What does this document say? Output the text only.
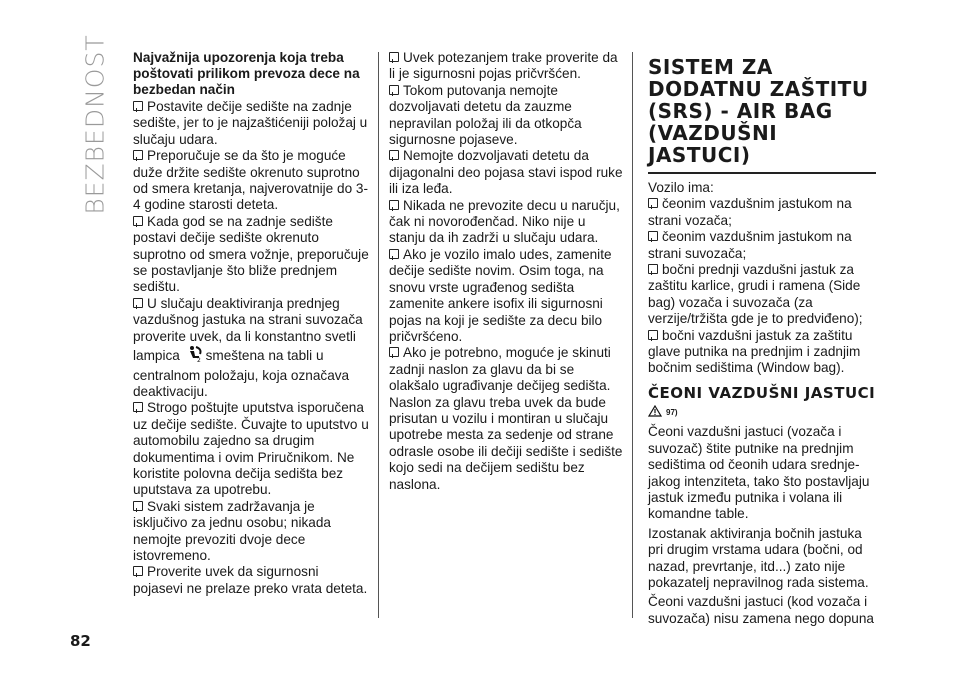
BEZBEDNOST Najvažnija upozorenja koja treba poštovati prilikom prevoza dece na bezbedan način
Postavite dečije sedište na zadnje sedište, jer to je najzaštićeniji položaj u slučaju udara.
Preporučuje se da što je moguće duže držite sedište okrenuto suprotno od smera kretanja, najverovatnije do 3-4 godine starosti deteta.
Kada god se na zadnje sedište postavi dečije sedište okrenuto suprotno od smera vožnje, preporučuje se postavljanje što bliže prednjem sedištu.
U slučaju deaktiviranja prednjeg vazdušnog jastuka na strani suvozača proverite uvek, da li konstantno svetli lampica	2 smeštena na tabli u centralnom položaju, koja označava deaktivaciju.
Strogo poštujte uputstva isporučena uz dečije sedište. Čuvajte to uputstvo u automobilu zajedno sa drugim dokumentima i ovim Priručnikom. Ne koristite polovna dečija sedišta bez uputstava za upotrebu.
Svaki sistem zadržavanja je isključivo za jednu osobu; nikada nemojte prevoziti dvoje dece istovremeno.
Proverite uvek da sigurnosni pojasevi ne prelaze preko vrata deteta.
Uvek potezanjem trake proverite da li je sigurnosni pojas pričvršćen.
Tokom putovanja nemojte dozvoljavati detetu da zauzme nepravilan položaj ili da otkopča sigurnosne pojaseve.
Nemojte dozvoljavati detetu da dijagonalni deo pojasa stavi ispod ruke ili iza leđa.
Nikada ne prevozite decu u naručju, čak ni novorođenčad. Niko nije u stanju da ih zadrži u slučaju udara.
Ako je vozilo imalo udes, zamenite dečije sedište novim. Osim toga, na snovu vrste ugrađenog sedišta zamenite ankere isofix ili sigurnosni pojas na koji je sedište za decu bilo pričvršćeno.
Ako je potrebno, moguće je skinuti zadnji naslon za glavu da bi se olakšalo ugrađivanje dečijeg sedišta. Naslon za glavu treba uvek da bude prisutan u vozilu i montiran u slučaju upotrebe mesta za sedenje od strane odrasle osobe ili dečiji sedište i sedište kojo sedi na dečijem sedištu bez naslona.
SISTEM ZA DODATNU ZAŠTITU (SRS) - AIR BAG (VAZDUŠNI JASTUCI)
Vozilo ima:
čeonim vazdušnim jastukom na strani vozača;
čeonim vazdušnim jastukom na strani suvozača;
bočni prednji vazdušni jastuk za zaštitu karlice, grudi i ramena (Side bag) vozača i suvozača (za verzije/tržišta gde je to predviđeno);
bočni vazdušni jastuk za zaštitu glave putnika na prednjim i zadnjim bočnim sedištima (Window bag).
ČEONI VAZDUŠNI JASTUCI
97)
Čeoni vazdušni jastuci (vozača i suvozač) štite putnike na prednjim sedištima od čeonih udara srednje-jakog intenziteta, tako što postavljaju jastuk između putnika i volana ili komandne table.
Izostanak aktiviranja bočnih jastuka pri drugim vrstama udara (bočni, od nazad, prevrtanje, itd...) zato nije pokazatelj nepravilnog rada sistema.
Čeoni vazdušni jastuci (kod vozača i suvozača) nisu zamena nego dopuna
82
